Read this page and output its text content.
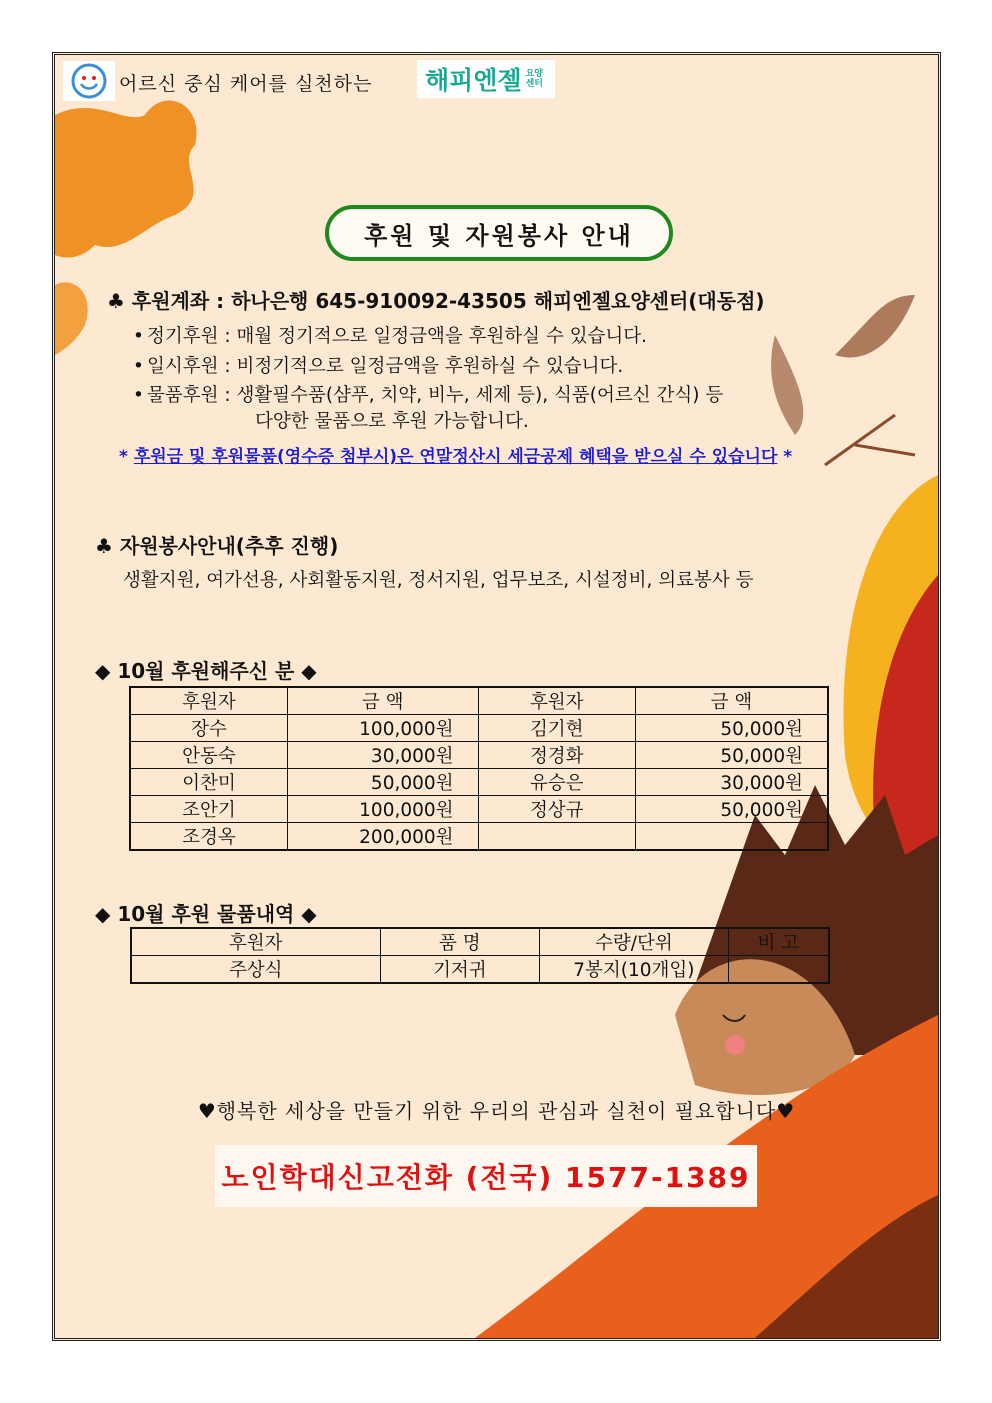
어르신 중심 케어를 실천하는 해피엔젤 요양
센터
후원 및 자원봉사 안내
♣ 후원계좌 : 하나은행 645-910092-43505 해피엔젤요양센터(대동점)
• 정기후원 : 매월 정기적으로 일정금액을 후원하실 수 있습니다.
• 일시후원 : 비정기적으로 일정금액을 후원하실 수 있습니다.
• 물품후원 : 생활필수품(샴푸, 치약, 비누, 세제 등), 식품(어르신 간식) 등
다양한 물품으로 후원 가능합니다.
* 후원금 및 후원물품(영수증 첨부시)은 연말정산시 세금공제 혜택을 받으실 수 있습니다 *
♣ 자원봉사안내(추후 진행)
생활지원, 여가선용, 사회활동지원, 정서지원, 업무보조, 시설정비, 의료봉사 등
◆ 10월 후원해주신 분 ◆
후원자	금 액	후원자	금 액
장수	100,000원	김기현	50,000원
안동숙	30,000원	정경화	50,000원
이찬미	50,000원	유승은	30,000원
조안기	100,000원	정상규	50,000원
조경옥	200,000원		
◆ 10월 후원 물품내역 ◆
후원자	품 명	수량/단위	비 고
주상식	기저귀	7봉지(10개입)	
♥행복한 세상을 만들기 위한 우리의 관심과 실천이 필요합니다♥
노인학대신고전화 (전국) 1577-1389
